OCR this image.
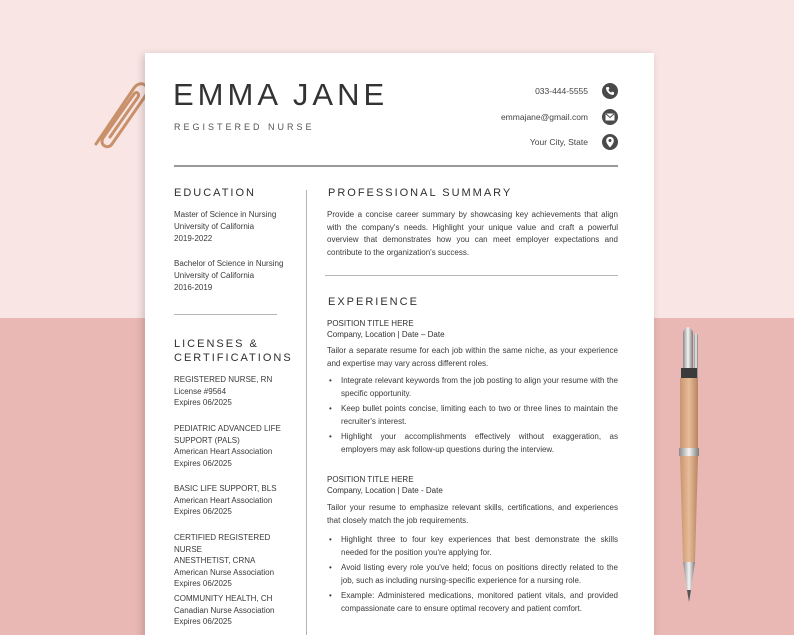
EMMA JANE
REGISTERED NURSE
033-444-5555
emmajane@gmail.com
Your City, State
EDUCATION
Master of Science in Nursing
University of California
2019-2022
Bachelor of Science in Nursing
University of California
2016-2019
LICENSES &
CERTIFICATIONS
REGISTERED NURSE, RN
License #9564
Expires 06/2025
PEDIATRIC ADVANCED LIFE
SUPPORT (PALS)
American Heart Association
Expires 06/2025
BASIC LIFE SUPPORT, BLS
American Heart Association
Expires 06/2025
CERTIFIED REGISTERED NURSE
ANESTHETIST, CRNA
American Nurse Association
Expires 06/2025
COMMUNITY HEALTH, CH
Canadian Nurse Association
Expires 06/2025
PROFESSIONAL SUMMARY
Provide a concise career summary by showcasing key achievements that align with the company's needs. Highlight your unique value and craft a powerful overview that demonstrates how you can meet employer expectations and contribute to the organization's success.
EXPERIENCE
POSITION TITLE HERE
Company, Location | Date – Date
Tailor a separate resume for each job within the same niche, as your experience and expertise may vary across different roles.
• Integrate relevant keywords from the job posting to align your resume with the specific opportunity.
• Keep bullet points concise, limiting each to two or three lines to maintain the recruiter's interest.
• Highlight your accomplishments effectively without exaggeration, as employers may ask follow-up questions during the interview.
POSITION TITLE HERE
Company, Location | Date - Date
Tailor your resume to emphasize relevant skills, certifications, and experiences that closely match the job requirements.
• Highlight three to four key experiences that best demonstrate the skills needed for the position you're applying for.
• Avoid listing every role you've held; focus on positions directly related to the job, such as including nursing-specific experience for a nursing role.
• Example: Administered medications, monitored patient vitals, and provided compassionate care to ensure optimal recovery and patient comfort.
